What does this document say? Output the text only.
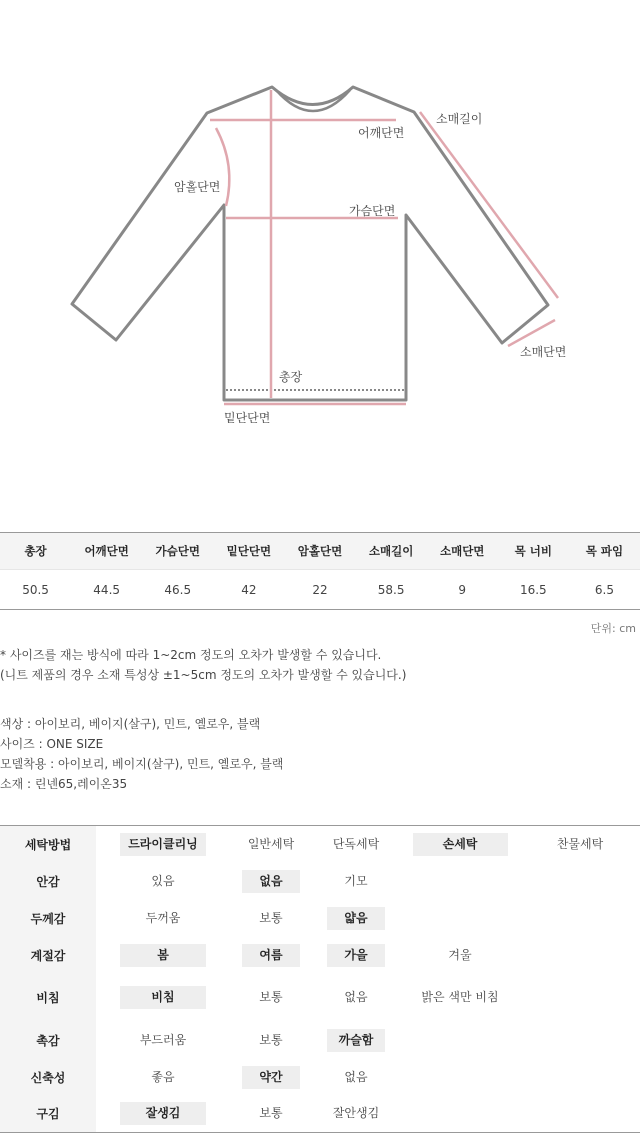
암홀단면
어깨단면
소매길이
가슴단면
소매단면
총장
밑단단면
총장	어깨단면	가슴단면	밑단단면	암홀단면	소매길이	소매단면	목 너비	목 파임
50.5	44.5	46.5	42	22	58.5	9	16.5	6.5
단위: cm
* 사이즈를 재는 방식에 따라 1~2cm 정도의 오차가 발생할 수 있습니다.
(니트 제품의 경우 소재 특성상 ±1~5cm 정도의 오차가 발생할 수 있습니다.)
색상 : 아이보리, 베이지(살구), 민트, 옐로우, 블랙
사이즈 : ONE SIZE
모델착용 : 아이보리, 베이지(살구), 민트, 옐로우, 블랙
소재 : 린넨65,레이온35
세탁방법	드라이클리닝	일반세탁	단독세탁	손세탁	찬물세탁
안감	있음	없음	기모		
두께감	두꺼움	보통	얇음		
계절감	봄	여름	가을	겨울	
비침	비침	보통	없음	밝은 색만 비침	
촉감	부드러움	보통	까슬함		
신축성	좋음	약간	없음		
구김	잘생김	보통	잘안생김		
